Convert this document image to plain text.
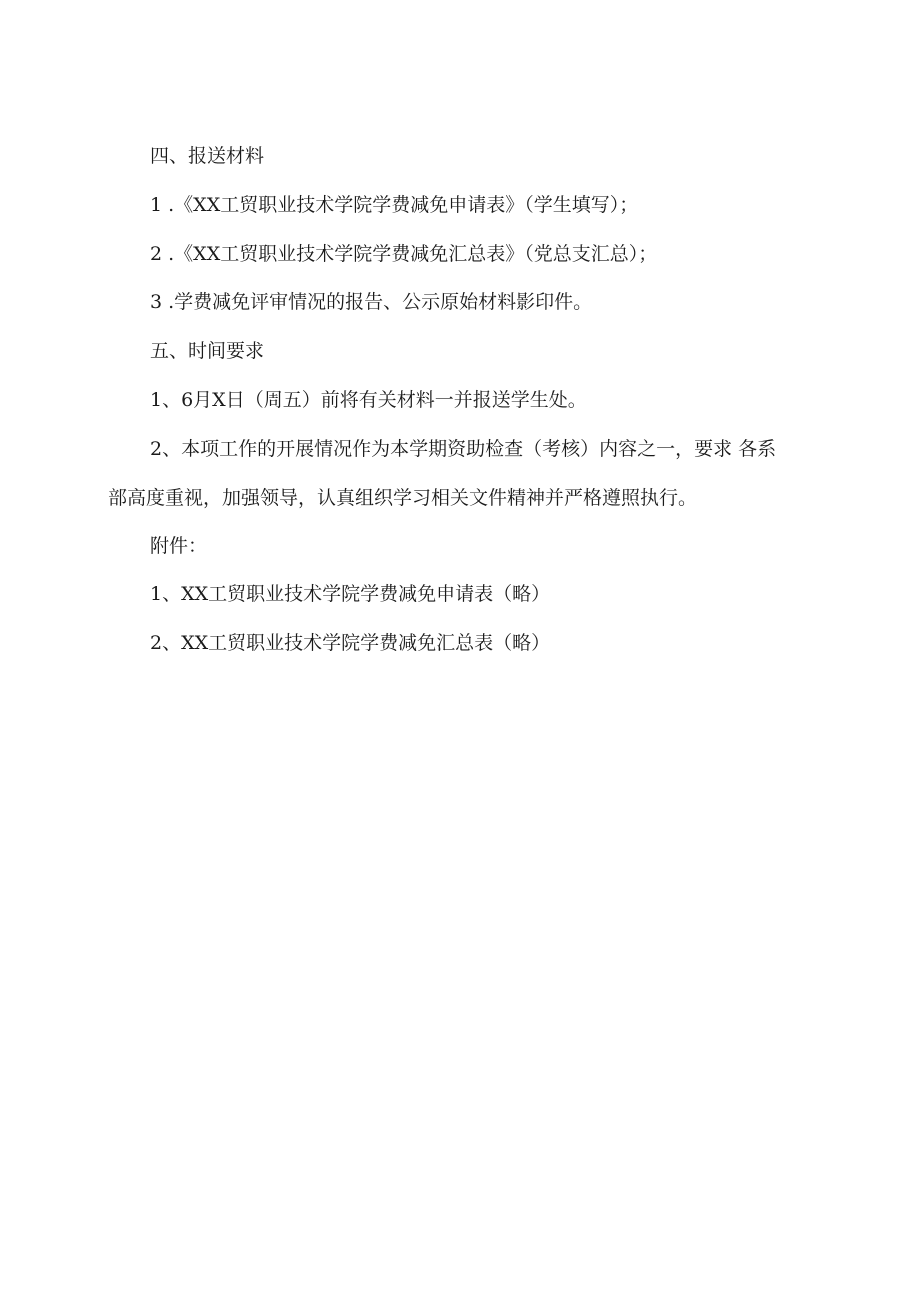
四、报送材料

1 .《XX工贸职业技术学院学费减免申请表》（学生填写）；

2 .《XX工贸职业技术学院学费减免汇总表》（党总支汇总）；

3 .学费减免评审情况的报告、公示原始材料影印件。

五、时间要求

1、6月X日（周五）前将有关材料一并报送学生处。

2、本项工作的开展情况作为本学期资助检查（考核）内容之一，要求 各系

部高度重视，加强领导，认真组织学习相关文件精神并严格遵照执行。

附件：

1、XX工贸职业技术学院学费减免申请表（略）

2、XX工贸职业技术学院学费减免汇总表（略）
